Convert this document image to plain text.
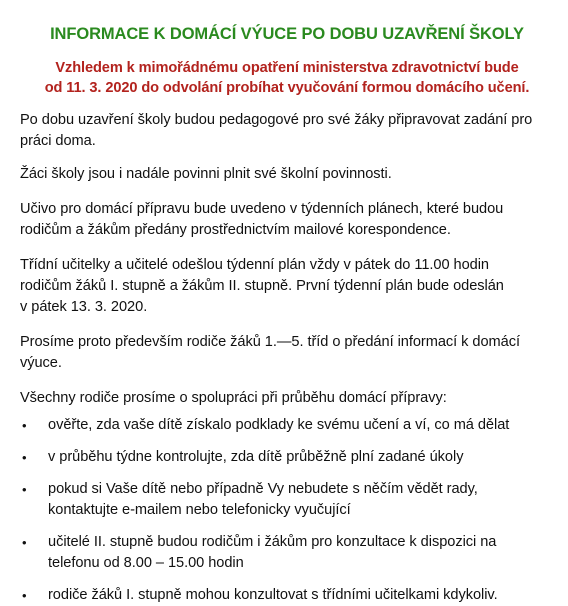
INFORMACE K DOMÁCÍ VÝUCE PO DOBU UZAVŘENÍ ŠKOLY
Vzhledem k mimořádnému opatření ministerstva zdravotnictví bude
od 11. 3. 2020 do odvolání probíhat vyučování formou domácího učení.

Po dobu uzavření školy budou pedagogové pro své žáky připravovat zadání pro
práci doma.

Žáci školy jsou i nadále povinni plnit své školní povinnosti.

Učivo pro domácí přípravu bude uvedeno v týdenních plánech, které budou
rodičům a žákům předány prostřednictvím mailové korespondence.

Třídní učitelky a učitelé odešlou týdenní plán vždy v pátek do 11.00 hodin
rodičům žáků I. stupně a žákům II. stupně. První týdenní plán bude odeslán
v pátek 13. 3. 2020.

Prosíme proto především rodiče žáků 1.—5. tříd o předání informací k domácí
výuce.

Všechny rodiče prosíme o spolupráci při průběhu domácí přípravy:

• ověřte, zda vaše dítě získalo podklady ke svému učení a ví, co má dělat
• v průběhu týdne kontrolujte, zda dítě průběžně plní zadané úkoly
• pokud si Vaše dítě nebo případně Vy nebudete s něčím vědět rady,
kontaktujte e-mailem nebo telefonicky vyučující
• učitelé II. stupně budou rodičům i žákům pro konzultace k dispozici na
telefonu od 8.00 – 15.00 hodin
• rodiče žáků I. stupně mohou konzultovat s třídními učitelkami kdykoliv.
